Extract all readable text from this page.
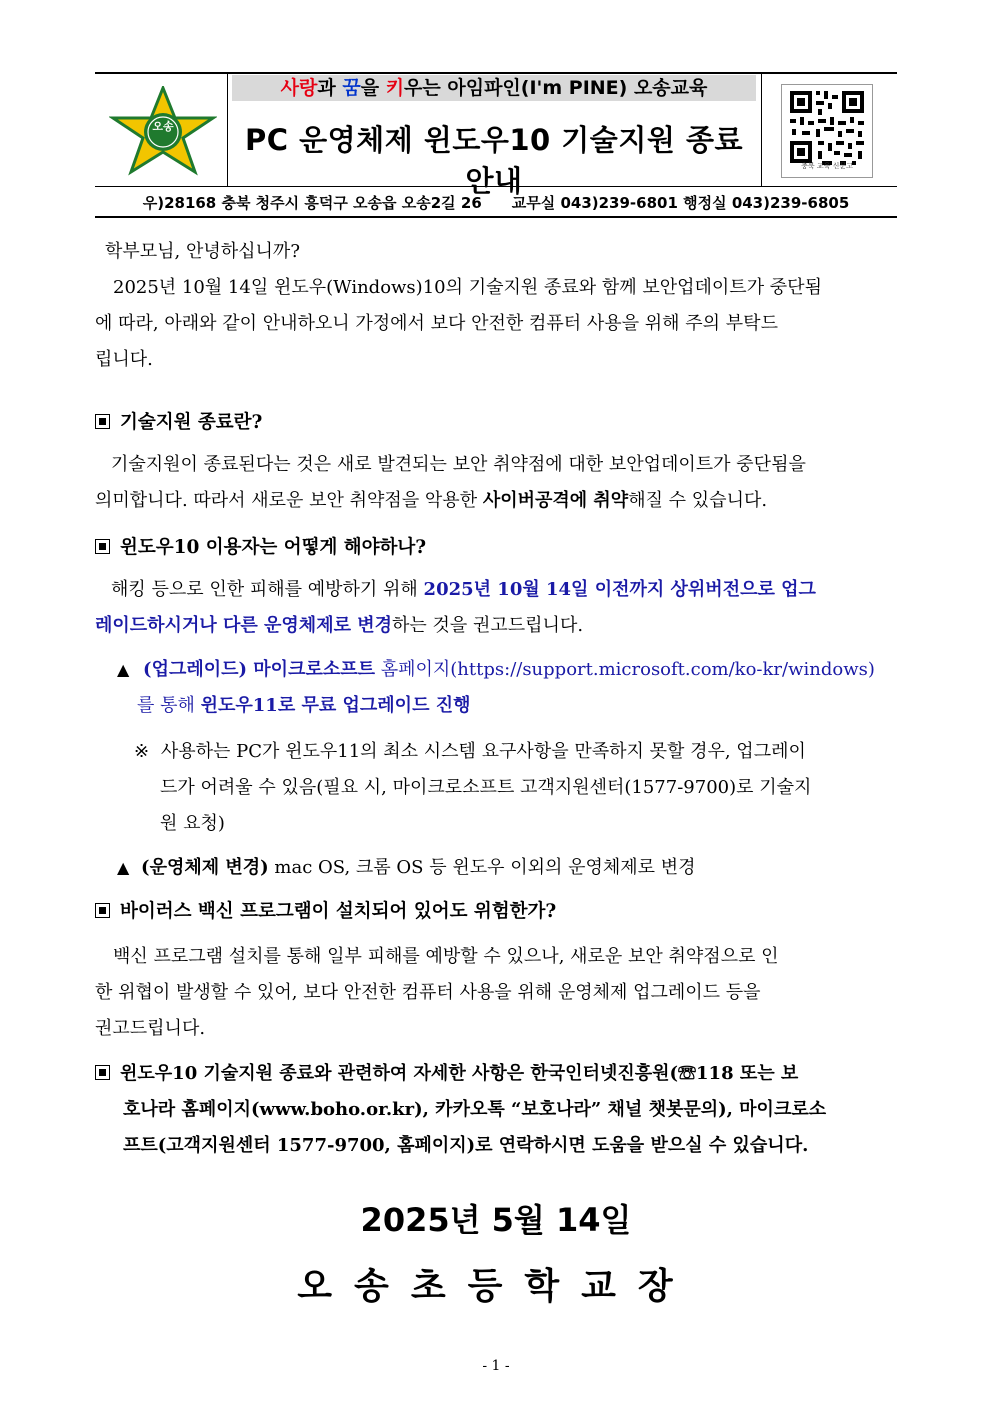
오송
사랑과 꿈을 키우는 아임파인(I'm PINE) 오송교육
PC 운영체제 윈도우10 기술지원 종료 안내	충북 교육 신문고
우)28168 충북 청주시 흥덕구 오송읍 오송2길 26　　교무실 043)239-6801 행정실 043)239-6805
학부모님, 안녕하십니까?
2025년 10월 14일 윈도우(Windows)10의 기술지원 종료와 함께 보안업데이트가 중단됨
에 따라, 아래와 같이 안내하오니 가정에서 보다 안전한 컴퓨터 사용을 위해 주의 부탁드
립니다.
기술지원 종료란?
기술지원이 종료된다는 것은 새로 발견되는 보안 취약점에 대한 보안업데이트가 중단됨을
의미합니다. 따라서 새로운 보안 취약점을 악용한 사이버공격에 취약해질 수 있습니다.
윈도우10 이용자는 어떻게 해야하나?
해킹 등으로 인한 피해를 예방하기 위해 2025년 10월 14일 이전까지 상위버전으로 업그
레이드하시거나 다른 운영체제로 변경하는 것을 권고드립니다.
▲ (업그레이드) 마이크로소프트 홈페이지(https://support.microsoft.com/ko-kr/windows)
를 통해 윈도우11로 무료 업그레이드 진행
※ 사용하는 PC가 윈도우11의 최소 시스템 요구사항을 만족하지 못할 경우, 업그레이
드가 어려울 수 있음(필요 시, 마이크로소프트 고객지원센터(1577-9700)로 기술지
원 요청)
▲ (운영체제 변경) mac OS, 크롬 OS 등 윈도우 이외의 운영체제로 변경
바이러스 백신 프로그램이 설치되어 있어도 위험한가?
백신 프로그램 설치를 통해 일부 피해를 예방할 수 있으나, 새로운 보안 취약점으로 인
한 위협이 발생할 수 있어, 보다 안전한 컴퓨터 사용을 위해 운영체제 업그레이드 등을
권고드립니다.
윈도우10 기술지원 종료와 관련하여 자세한 사항은 한국인터넷진흥원(☏118 또는 보
호나라 홈페이지(www.boho.or.kr), 카카오톡 “보호나라” 채널 챗봇문의), 마이크로소
프트(고객지원센터 1577-9700, 홈페이지)로 연락하시면 도움을 받으실 수 있습니다.
2025년 5월 14일
오송초등학교장
- 1 -
